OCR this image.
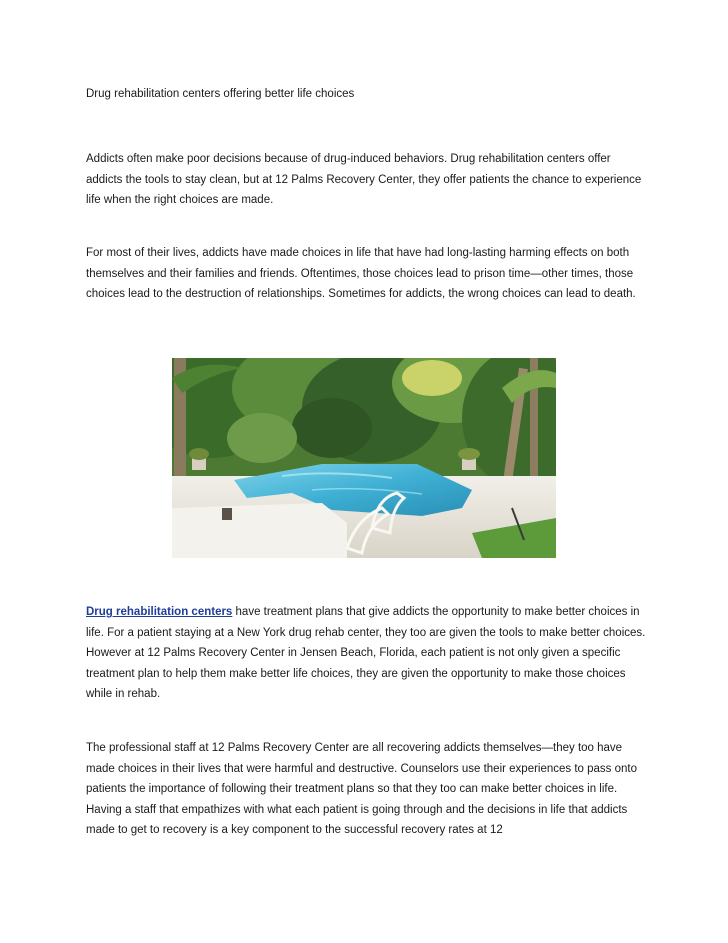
Drug rehabilitation centers offering better life choices

Addicts often make poor decisions because of drug-induced behaviors. Drug rehabilitation centers offer addicts the tools to stay clean, but at 12 Palms Recovery Center, they offer patients the chance to experience life when the right choices are made.

For most of their lives, addicts have made choices in life that have had long-lasting harming effects on both themselves and their families and friends. Oftentimes, those choices lead to prison time—other times, those choices lead to the destruction of relationships. Sometimes for addicts, the wrong choices can lead to death.

Drug rehabilitation centers have treatment plans that give addicts the opportunity to make better choices in life. For a patient staying at a New York drug rehab center, they too are given the tools to make better choices. However at 12 Palms Recovery Center in Jensen Beach, Florida, each patient is not only given a specific treatment plan to help them make better life choices, they are given the opportunity to make those choices while in rehab.

The professional staff at 12 Palms Recovery Center are all recovering addicts themselves—they too have made choices in their lives that were harmful and destructive. Counselors use their experiences to pass onto patients the importance of following their treatment plans so that they too can make better choices in life. Having a staff that empathizes with what each patient is going through and the decisions in life that addicts made to get to recovery is a key component to the successful recovery rates at 12
